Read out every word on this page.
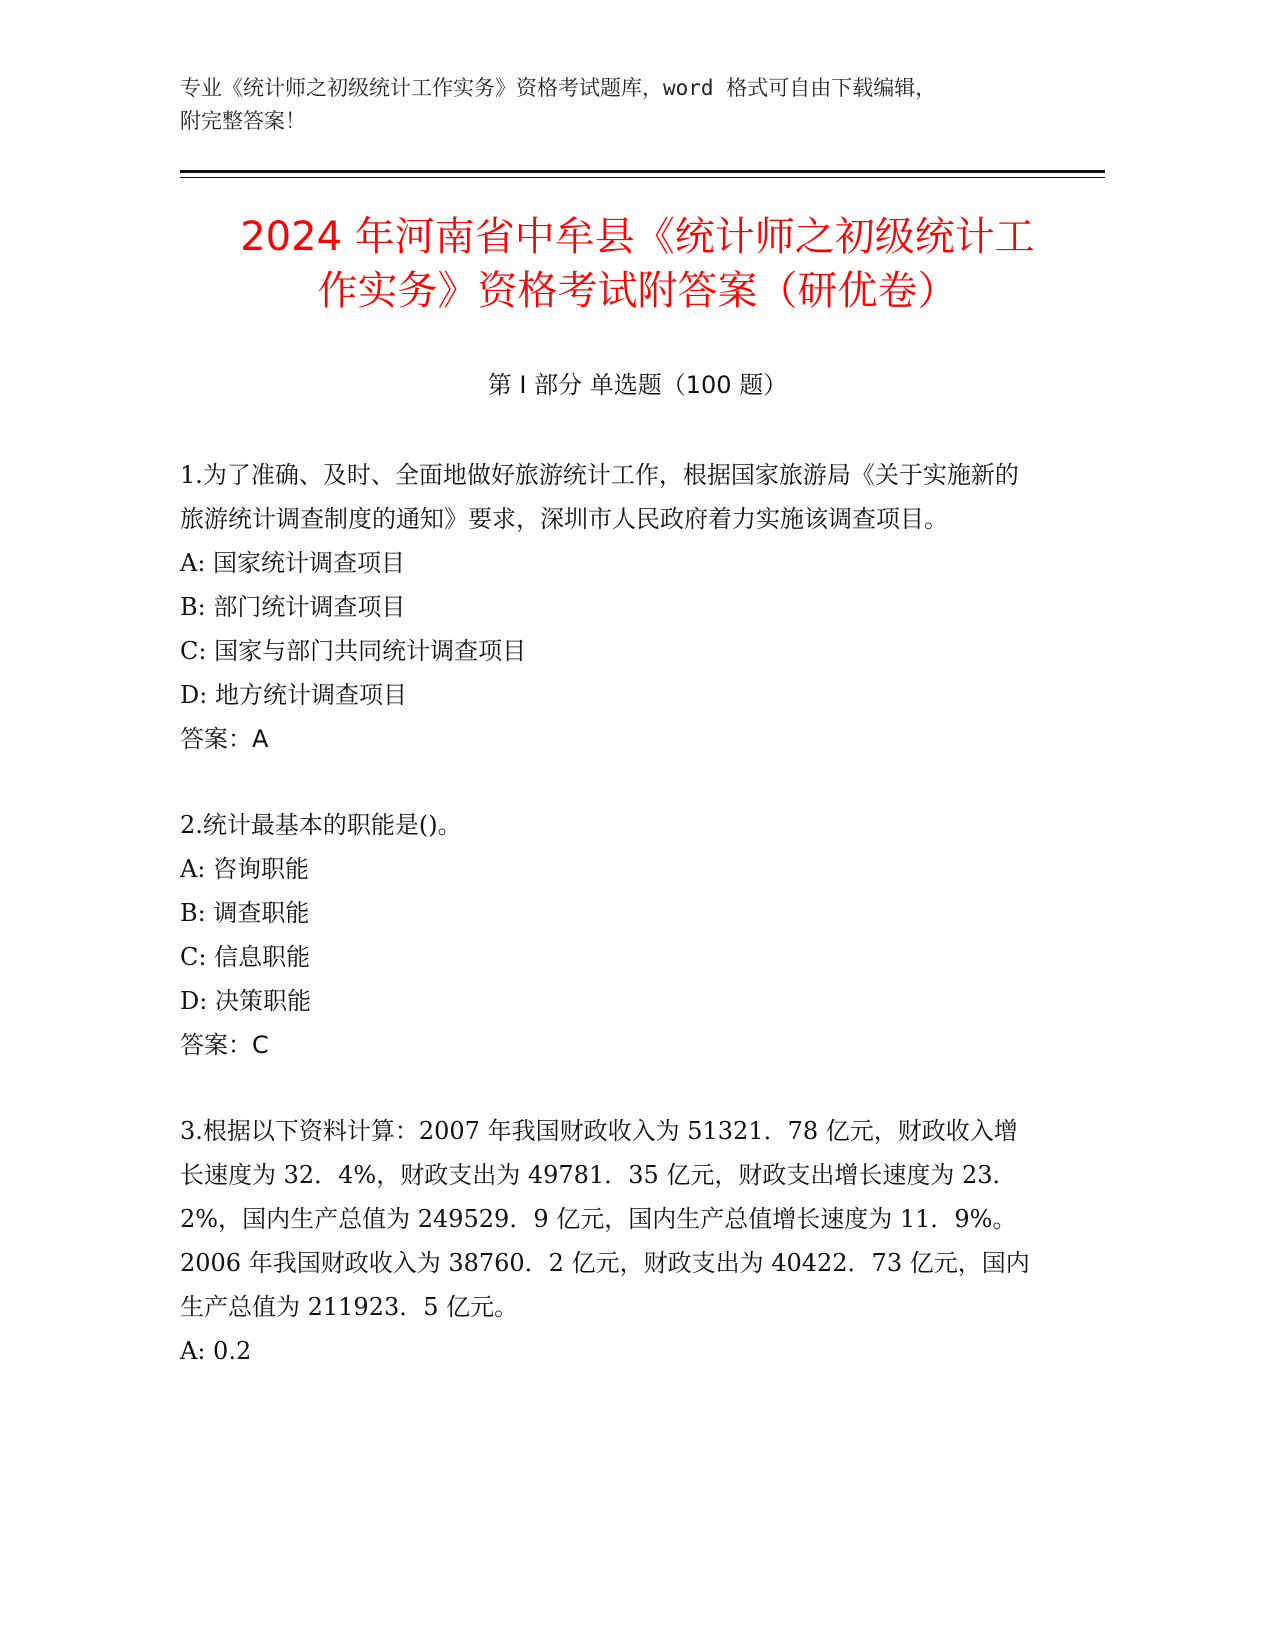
专业《统计师之初级统计工作实务》资格考试题库，word 格式可自由下载编辑，
附完整答案！
2024 年河南省中牟县《统计师之初级统计工
作实务》资格考试附答案（研优卷）
第 I 部分 单选题（100 题）

1.为了准确、及时、全面地做好旅游统计工作，根据国家旅游局《关于实施新的旅游统计调查制度的通知》要求，深圳市人民政府着力实施该调查项目。

A: 国家统计调查项目

B: 部门统计调查项目

C: 国家与部门共同统计调查项目

D: 地方统计调查项目

答案：A

2.统计最基本的职能是()。

A: 咨询职能

B: 调查职能

C: 信息职能

D: 决策职能

答案：C

3.根据以下资料计算：2007 年我国财政收入为 51321．78 亿元，财政收入增长速度为 32．4%，财政支出为 49781．35 亿元，财政支出增长速度为 23．2%，国内生产总值为 249529．9 亿元，国内生产总值增长速度为 11．9%。2006 年我国财政收入为 38760．2 亿元，财政支出为 40422．73 亿元，国内生产总值为 211923．5 亿元。

A: 0.2
